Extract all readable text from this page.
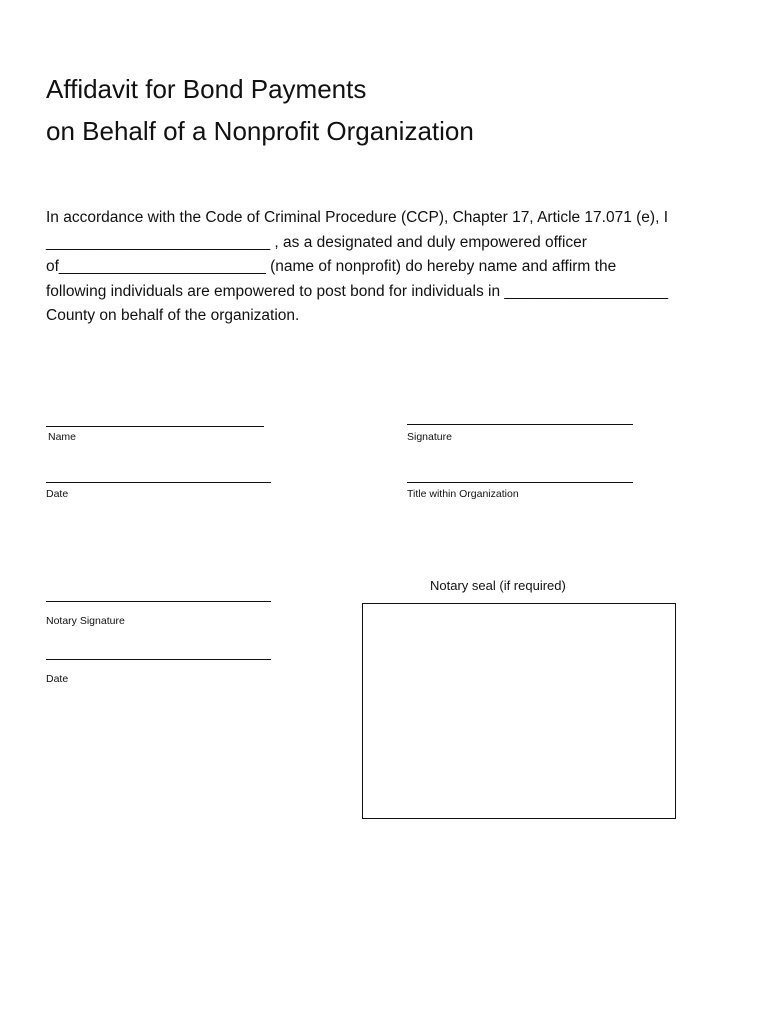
Affidavit for Bond Payments
on Behalf of a Nonprofit Organization
In accordance with the Code of Criminal Procedure (CCP), Chapter 17, Article 17.071 (e), I
__________________________ , as a designated and duly empowered officer
of________________________ (name of nonprofit) do hereby name and affirm the
following individuals are empowered to post bond for individuals in ___________________
County on behalf of the organization.

Name	Signature

Date	Title within Organization

Notary seal (if required)

Notary Signature

Date
